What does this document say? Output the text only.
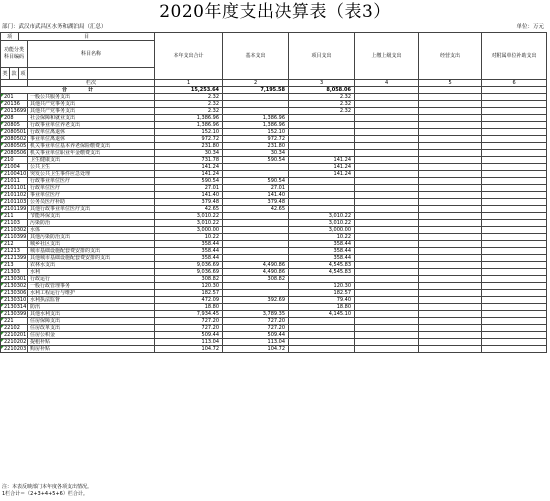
2020年度支出决算表（表3）
部门：武汉市武昌区水务和湖泊局（汇总）	单位：万元
项		目		本年支出合计	基本支出	项目支出	上缴上级支出	经营支出	对附属单位补助支出
功能分类科目编码			科目名称						
类	款	项							
			栏次	1	2	3	4	5	6
合 计				15,253.64	7,195.58	8,058.06			

201			一般公共服务支出	2.32		2.32			

20136			其他共产党事务支出	2.32		2.32			

2013699			其他共产党事务支出	2.32		2.32			

208			社会保障和就业支出	1,386.96	1,386.96				

20805			行政事业单位养老支出	1,386.96	1,386.96				

2080501			行政单位离退休	152.10	152.10				

2080502			事业单位离退休	972.72	972.72				

2080505			机关事业单位基本养老保险缴费支出	231.80	231.80				

2080506			机关事业单位职业年金缴费支出	30.34	30.34				

210			卫生健康支出	731.78	590.54	141.24			

21004			公共卫生	141.24		141.24			

2100410			突发公共卫生事件应急处理	141.24		141.24			

21011			行政事业单位医疗	590.54	590.54				

2101101			行政单位医疗	27.01	27.01				

2101102			事业单位医疗	141.40	141.40				

2101103			公务员医疗补助	379.48	379.48				

2101199			其他行政事业单位医疗支出	42.65	42.65				

211			节能环保支出	3,010.22		3,010.22			

21103			污染防治	3,010.22		3,010.22			

2110302			水体	3,000.00		3,000.00			

2110399			其他污染防治支出	10.22		10.22			

212			城乡社区支出	358.44		358.44			

21213			城市基础设施配套费安排的支出	358.44		358.44			

2121399			其他城市基础设施配套费安排的支出	358.44		358.44			

213			农林水支出	9,036.69	4,490.86	4,545.83			

21303			水利	9,036.69	4,490.86	4,545.83			

2130301			行政运行	308.82	308.82				

2130302			一般行政管理事务	120.30		120.30			

2130306			水利工程运行与维护	182.57		182.57			

2130310			水利执法监督	472.09	392.69	79.40			

2130314			防汛	18.80		18.80			

2130399			其他水利支出	7,934.45	3,789.35	4,145.10			

221			住房保障支出	727.20	727.20				

22102			住房改革支出	727.20	727.20				

2210201			住房公积金	509.44	509.44				

2210202			提租补贴	113.04	113.04				

2210203			购房补贴	104.72	104.72				
注：本表反映部门本年度各项支出情况。
1栏合计＝（2+3+4+5+6）栏合计。
